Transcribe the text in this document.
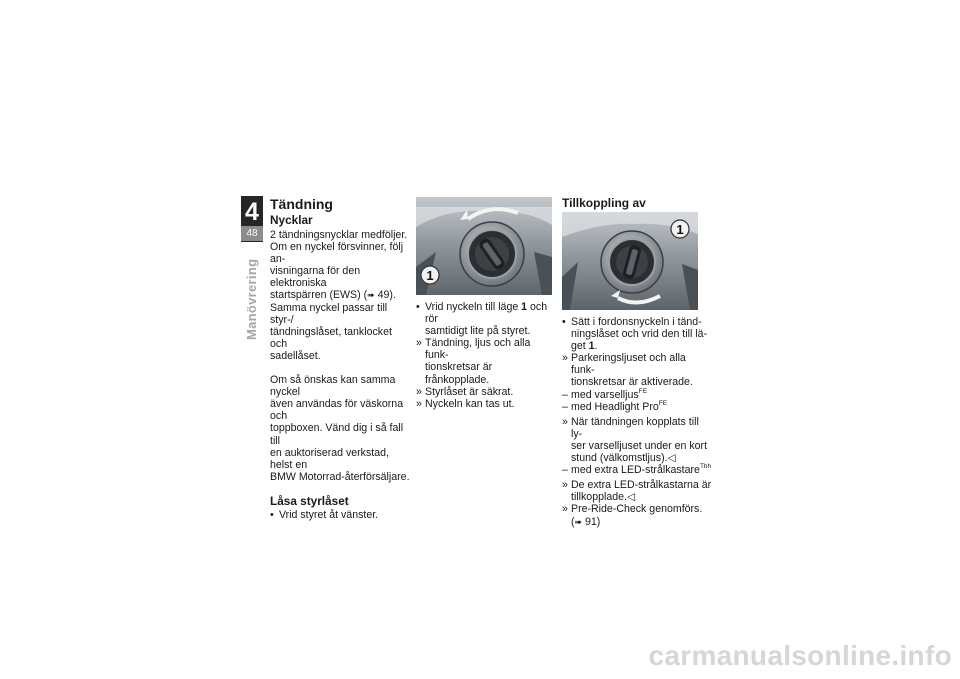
4
48
Manövrering
Tändning
Nycklar

2 tändningsnycklar medföljer.
Om en nyckel försvinner, följ an-
visningarna för den elektroniska
startspärren (EWS) (➠ 49).
Samma nyckel passar till styr-/
tändningslåset, tanklocket och
sadellåset.

Om så önskas kan samma nyckel
även användas för väskorna och
toppboxen. Vänd dig i så fall till
en auktoriserad verkstad, helst en
BMW Motorrad-återförsäljare.

Låsa styrlåset
• Vrid styret åt vänster.
1
• Vrid nyckeln till läge 1 och rör
samtidigt lite på styret.
» Tändning, ljus och alla funk-
tionskretsar är frånkopplade.
» Styrlåset är säkrat.
» Nyckeln kan tas ut.
Tillkoppling av
1
• Sätt i fordonsnyckeln i tänd-
ningslåset och vrid den till lä-
get 1.
» Parkeringsljuset och alla funk-
tionskretsar är aktiverade.
– med varselljus$^{FE}$
– med Headlight Pro$^{FE}$
» När tändningen kopplats till ly-
ser varselljuset under en kort
stund (välkomstljus).◁
– med extra LED-strålkastare$^{Tbh}$
» De extra LED-strålkastarna är
tillkopplade.◁
» Pre-Ride-Check genomförs.
(➠ 91)
carmanualsonline.info
